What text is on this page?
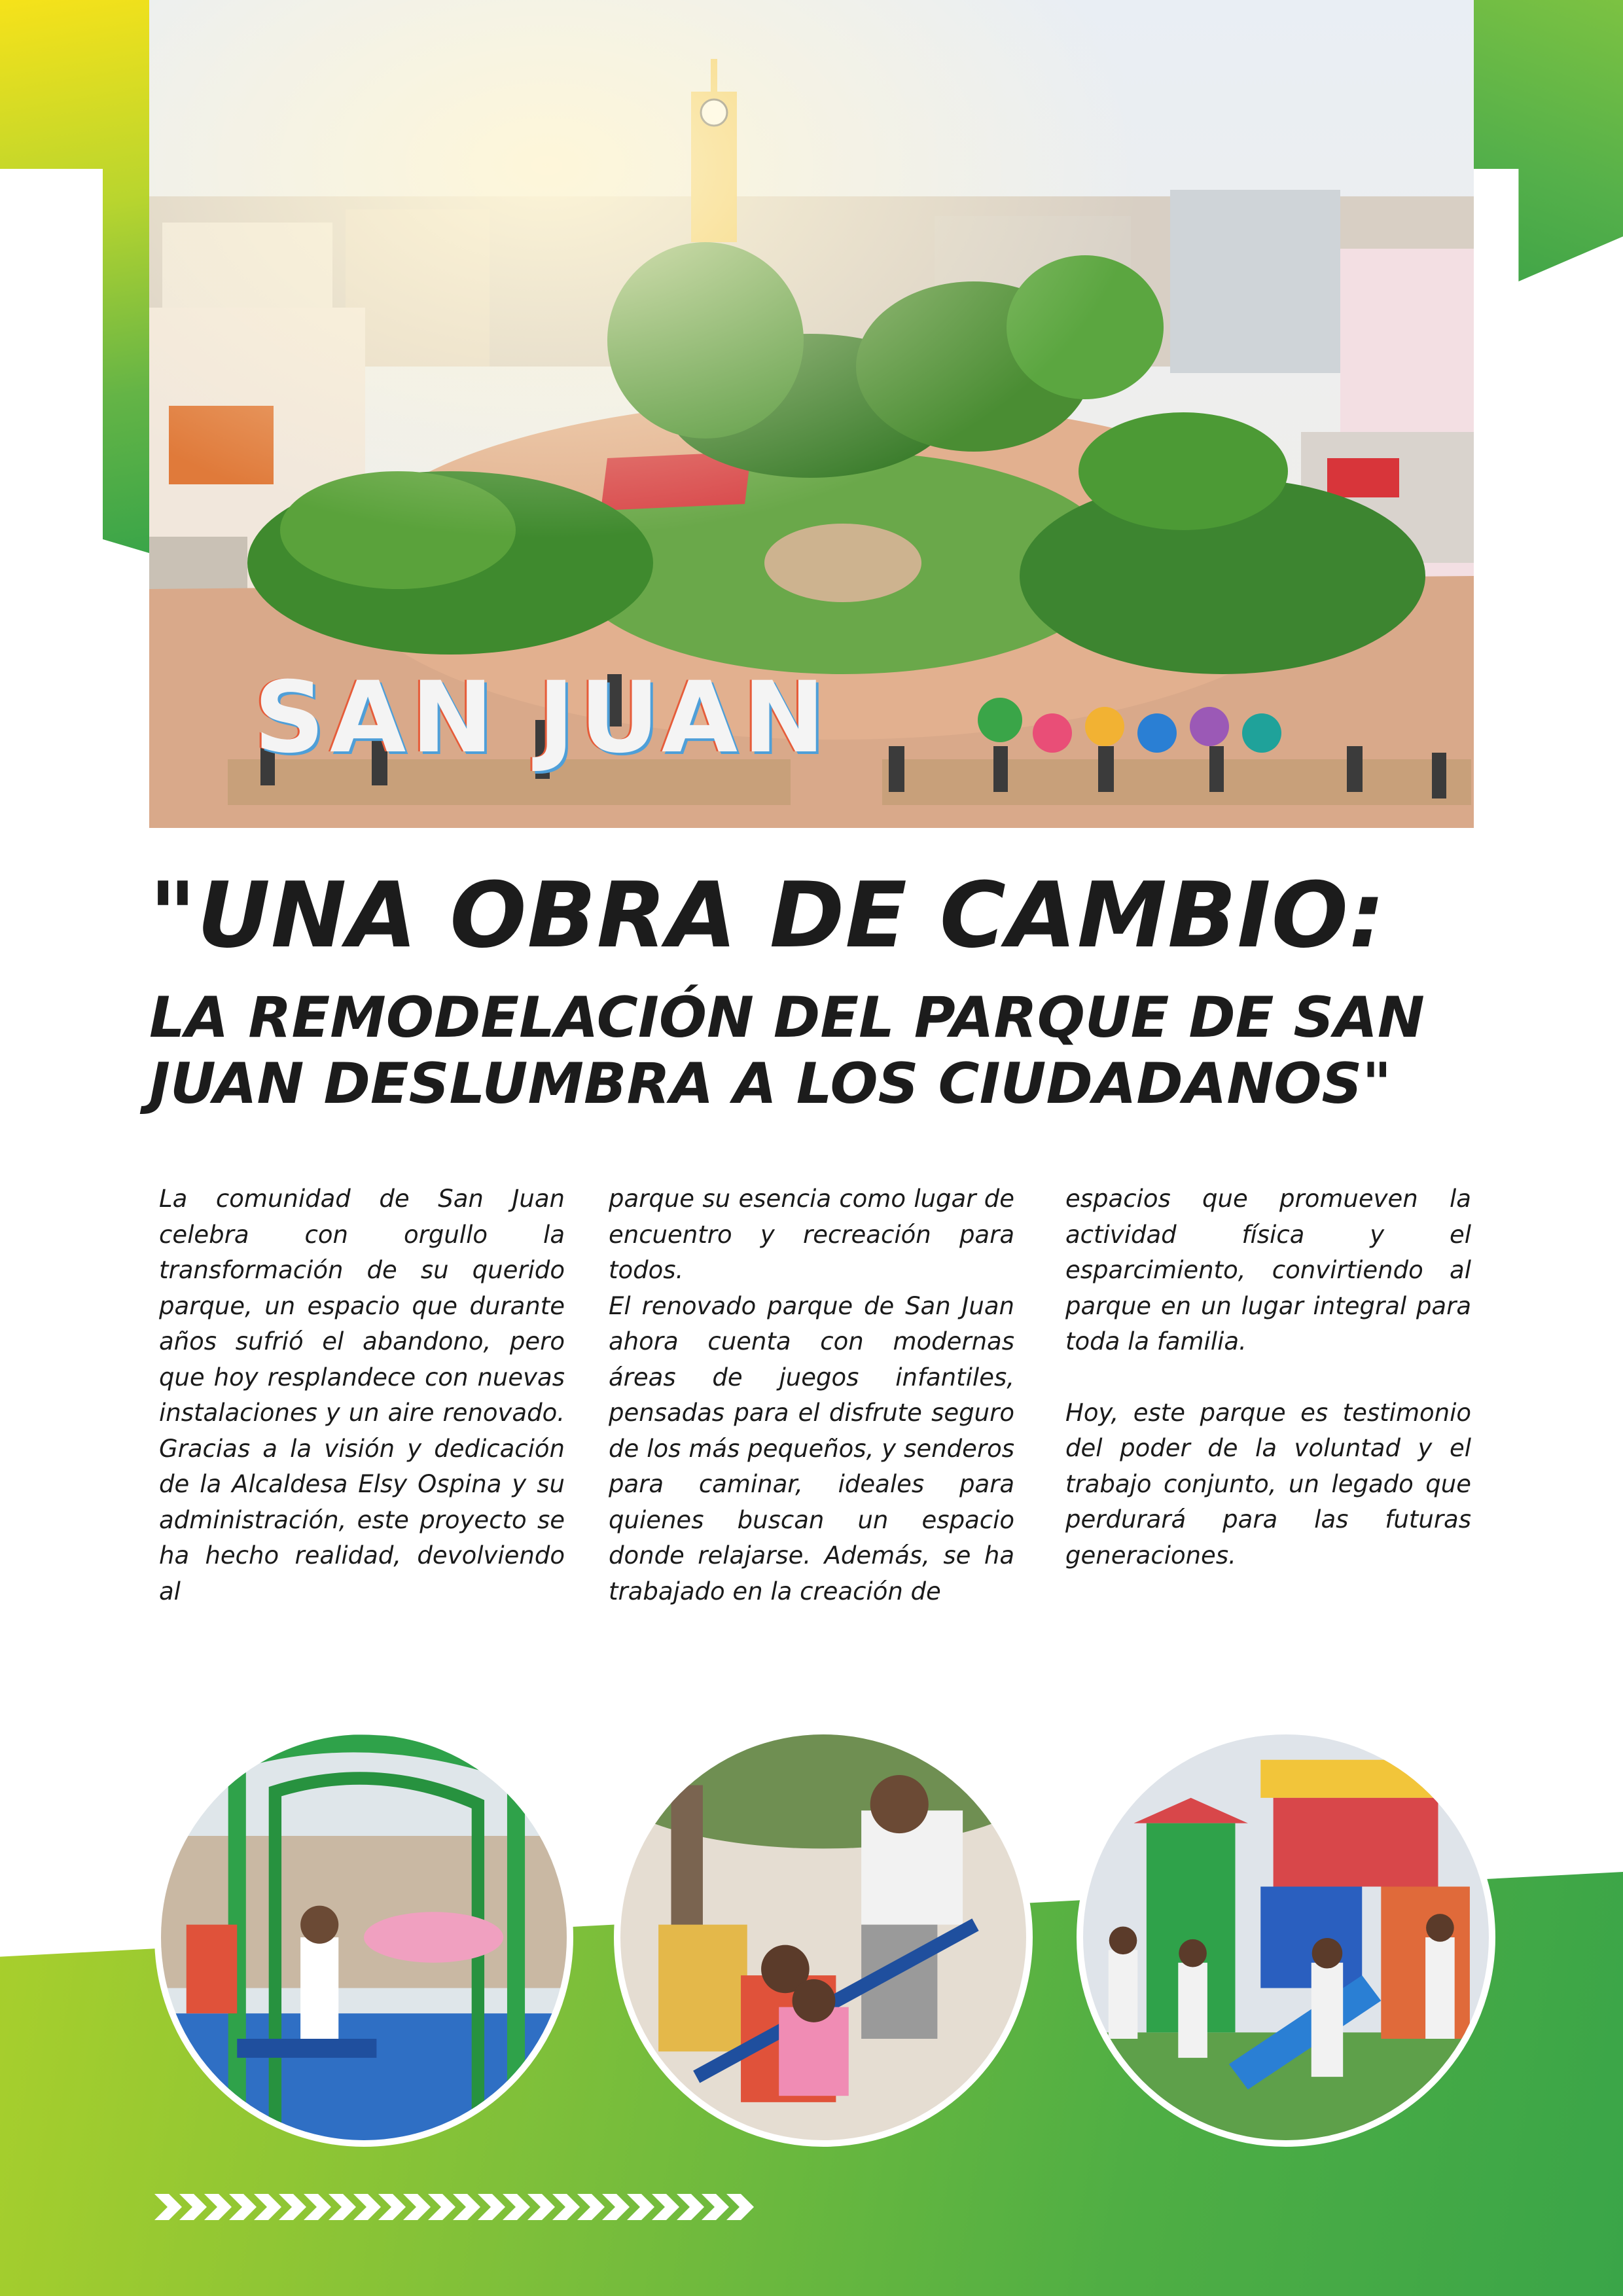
SAN JUAN
"UNA OBRA DE CAMBIO:
LA REMODELACIÓN DEL PARQUE DE SAN JUAN DESLUMBRA A LOS CIUDADANOS"

La comunidad de San Juan celebra con orgullo la transformación de su querido parque, un espacio que durante años sufrió el abandono, pero que hoy resplandece con nuevas instalaciones y un aire renovado. Gracias a la visión y dedicación de la Alcaldesa Elsy Ospina y su administración, este proyecto se ha hecho realidad, devolviendo al

parque su esencia como lugar de encuentro y recreación para todos.

El renovado parque de San Juan ahora cuenta con modernas áreas de juegos infantiles, pensadas para el disfrute seguro de los más pequeños, y senderos para caminar, ideales para quienes buscan un espacio donde relajarse. Además, se ha trabajado en la creación de

espacios que promueven la actividad física y el esparcimiento, convirtiendo al parque en un lugar integral para toda la familia.

Hoy, este parque es testimonio del poder de la voluntad y el trabajo conjunto, un legado que perdurará para las futuras generaciones.
